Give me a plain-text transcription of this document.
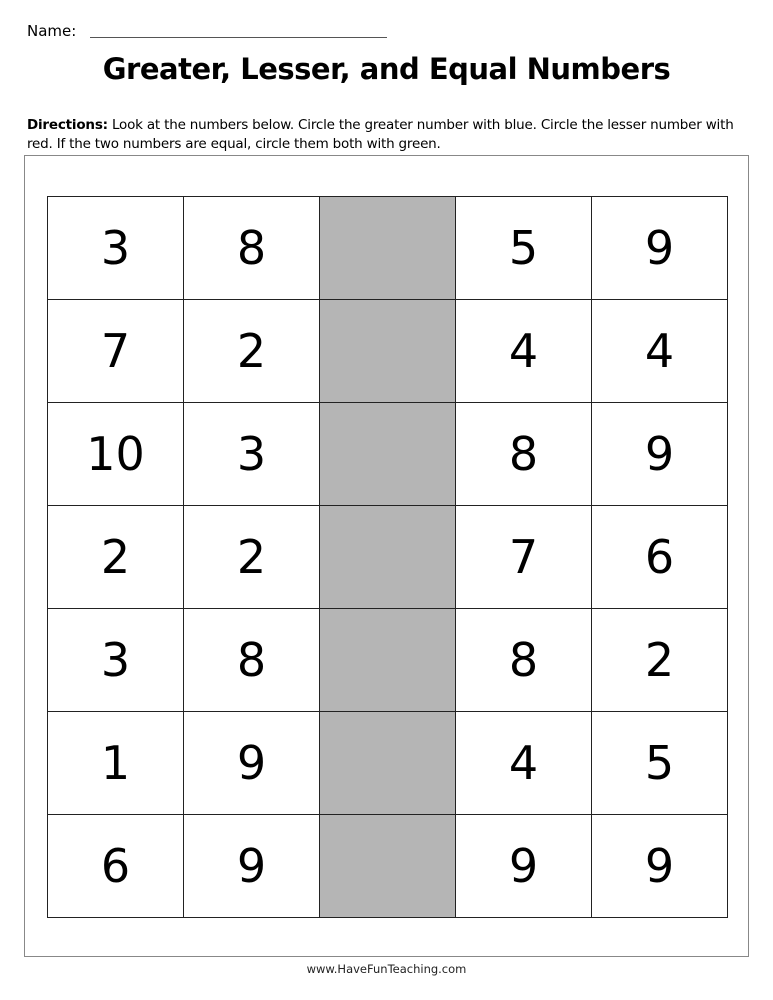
Name:
Greater, Lesser, and Equal Numbers
Directions: Look at the numbers below. Circle the greater number with blue. Circle the lesser number with red. If the two numbers are equal, circle them both with green.
3	8		5	9
7	2		4	4
10	3		8	9
2	2		7	6
3	8		8	2
1	9		4	5
6	9		9	9
www.HaveFunTeaching.com
